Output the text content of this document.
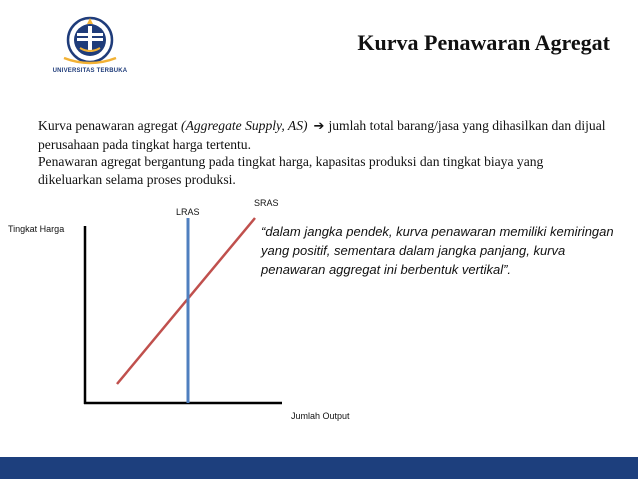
UNIVERSITAS TERBUKA
Kurva Penawaran Agregat
Kurva penawaran agregat (Aggregate Supply, AS) ➔ jumlah total barang/jasa yang dihasilkan dan dijual perusahaan pada tingkat harga tertentu.
Penawaran agregat bergantung pada tingkat harga, kapasitas produksi dan tingkat biaya yang dikeluarkan selama proses produksi.
Tingkat Harga
Jumlah Output
LRAS
SRAS
“dalam jangka pendek, kurva penawaran memiliki kemiringan yang positif, sementara dalam jangka panjang, kurva penawaran aggregat ini berbentuk vertikal”.
